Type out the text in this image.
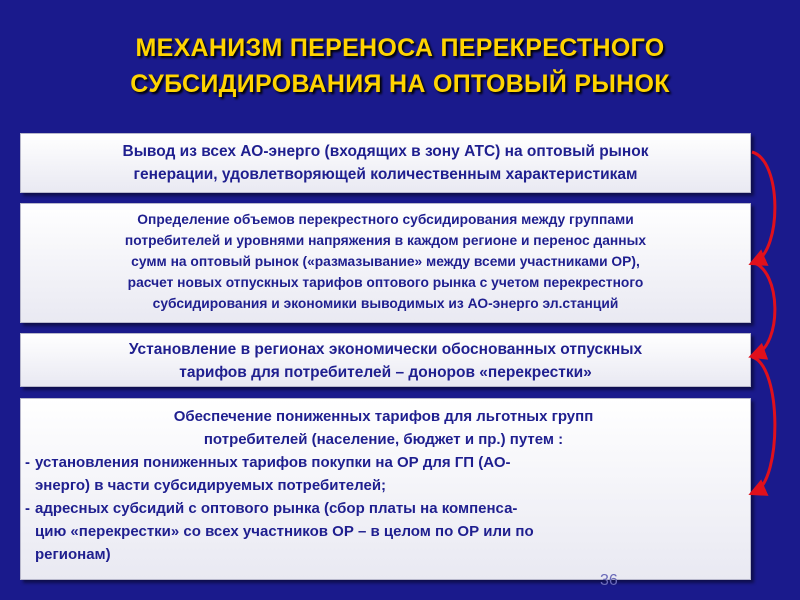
МЕХАНИЗМ ПЕРЕНОСА ПЕРЕКРЕСТНОГО
СУБСИДИРОВАНИЯ НА ОПТОВЫЙ РЫНОК
Вывод из всех АО-энерго (входящих в зону АТС) на оптовый рынок
генерации, удовлетворяющей количественным характеристикам
Определение объемов перекрестного субсидирования между группами
потребителей и уровнями напряжения в каждом регионе и перенос данных
сумм на оптовый рынок («размазывание» между всеми участниками ОР),
расчет новых отпускных тарифов оптового рынка с учетом перекрестного
субсидирования и экономики выводимых из АО-энерго эл.станций
Установление в регионах экономически обоснованных отпускных
тарифов для потребителей – доноров «перекрестки»
Обеспечение пониженных тарифов для льготных групп
потребителей (население, бюджет и пр.) путем :
- установления пониженных тарифов покупки на ОР для ГП (АО-
энерго) в части субсидируемых потребителей;
- адресных субсидий с оптового рынка (сбор платы на компенса-
цию «перекрестки» со всех участников ОР – в целом по ОР или по
регионам)
36
